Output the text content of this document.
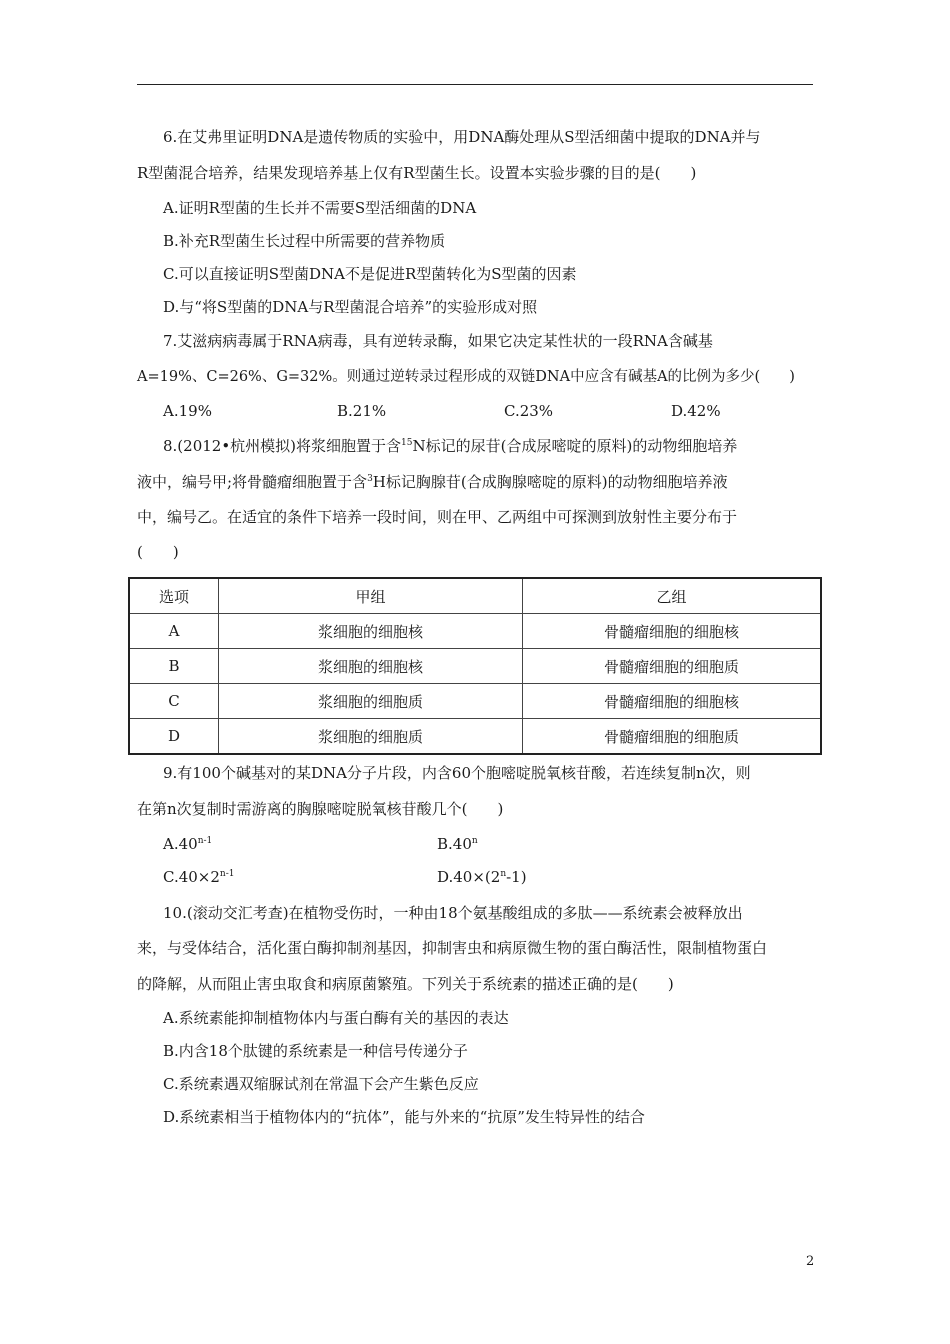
6.在艾弗里证明DNA是遗传物质的实验中，用DNA酶处理从S型活细菌中提取的DNA并与
R型菌混合培养，结果发现培养基上仅有R型菌生长。设置本实验步骤的目的是(　　)
A.证明R型菌的生长并不需要S型活细菌的DNA
B.补充R型菌生长过程中所需要的营养物质
C.可以直接证明S型菌DNA不是促进R型菌转化为S型菌的因素
D.与“将S型菌的DNA与R型菌混合培养”的实验形成对照
7.艾滋病病毒属于RNA病毒，具有逆转录酶，如果它决定某性状的一段RNA含碱基
A=19%、C=26%、G=32%。则通过逆转录过程形成的双链DNA中应含有碱基A的比例为多少(　　)
A.19%	B.21%	C.23%	D.42%
8.(2012•杭州模拟)将浆细胞置于含$^{15}$N标记的尿苷(合成尿嘧啶的原料)的动物细胞培养
液中，编号甲;将骨髓瘤细胞置于含$^3$H标记胸腺苷(合成胸腺嘧啶的原料)的动物细胞培养液
中，编号乙。在适宜的条件下培养一段时间，则在甲、乙两组中可探测到放射性主要分布于
(　　)
选项	甲组	乙组
A	浆细胞的细胞核	骨髓瘤细胞的细胞核
B	浆细胞的细胞核	骨髓瘤细胞的细胞质
C	浆细胞的细胞质	骨髓瘤细胞的细胞核
D	浆细胞的细胞质	骨髓瘤细胞的细胞质
9.有100个碱基对的某DNA分子片段，内含60个胞嘧啶脱氧核苷酸，若连续复制n次，则
在第n次复制时需游离的胸腺嘧啶脱氧核苷酸几个(　　)
A.40$^{n-1}$	B.40$^n$
$C.40\times 2^{n-1}$	$D.40\times(2^n-1)$
10.(滚动交汇考查)在植物受伤时，一种由18个氨基酸组成的多肽——系统素会被释放出
来，与受体结合，活化蛋白酶抑制剂基因，抑制害虫和病原微生物的蛋白酶活性，限制植物蛋白
的降解，从而阻止害虫取食和病原菌繁殖。下列关于系统素的描述正确的是(　　)
A.系统素能抑制植物体内与蛋白酶有关的基因的表达
B.内含18个肽键的系统素是一种信号传递分子
C.系统素遇双缩脲试剂在常温下会产生紫色反应
D.系统素相当于植物体内的“抗体”，能与外来的“抗原”发生特异性的结合
2
